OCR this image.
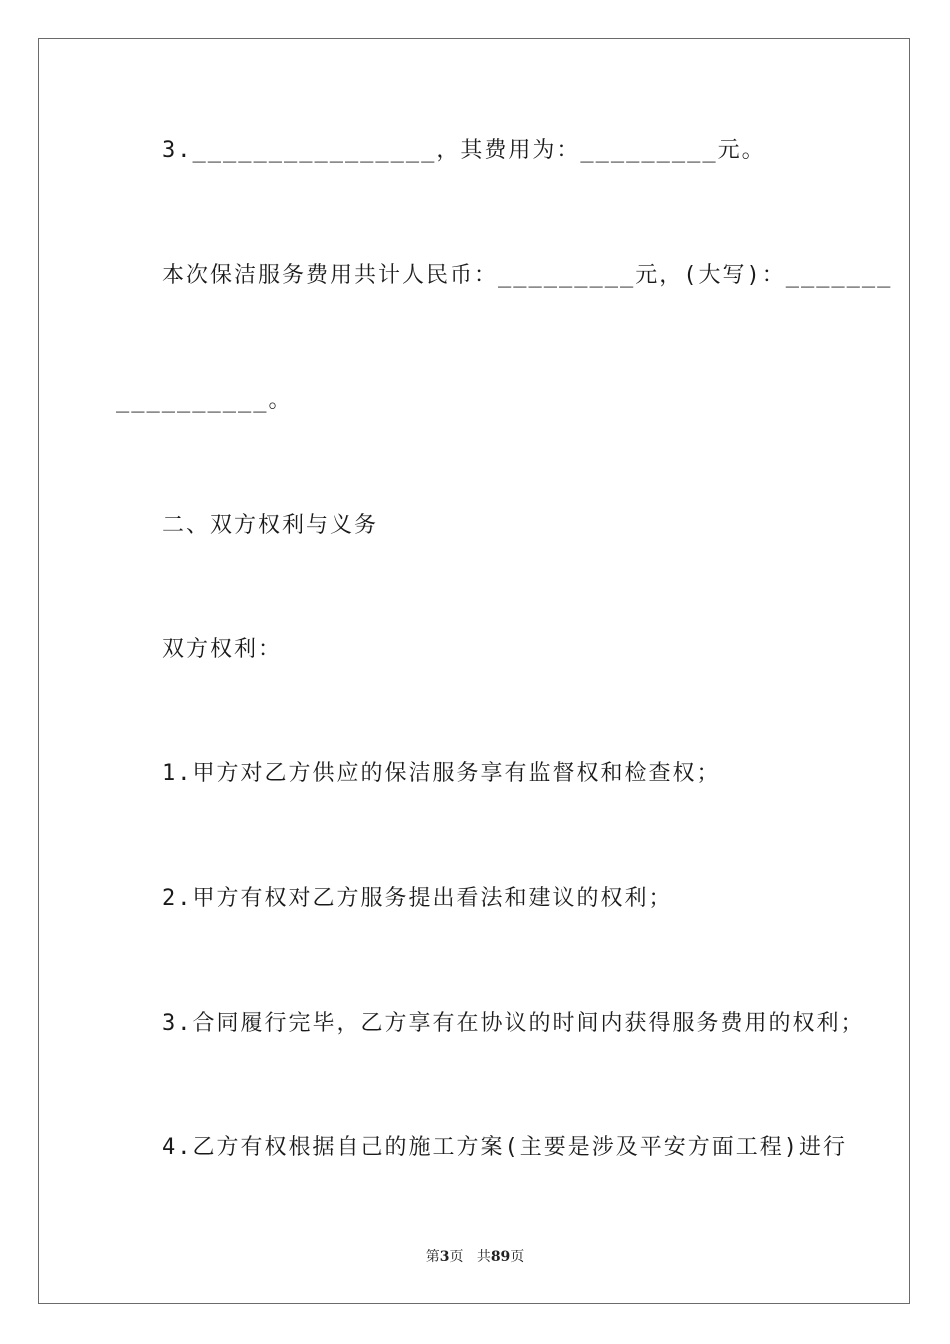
3.________________，其费用为：_________元。
本次保洁服务费用共计人民币：_________元，(大写)：_______
__________。
二、双方权利与义务
双方权利：
1.甲方对乙方供应的保洁服务享有监督权和检查权；
2.甲方有权对乙方服务提出看法和建议的权利；
3.合同履行完毕，乙方享有在协议的时间内获得服务费用的权利；
4.乙方有权根据自己的施工方案(主要是涉及平安方面工程)进行
第3页 共89页
